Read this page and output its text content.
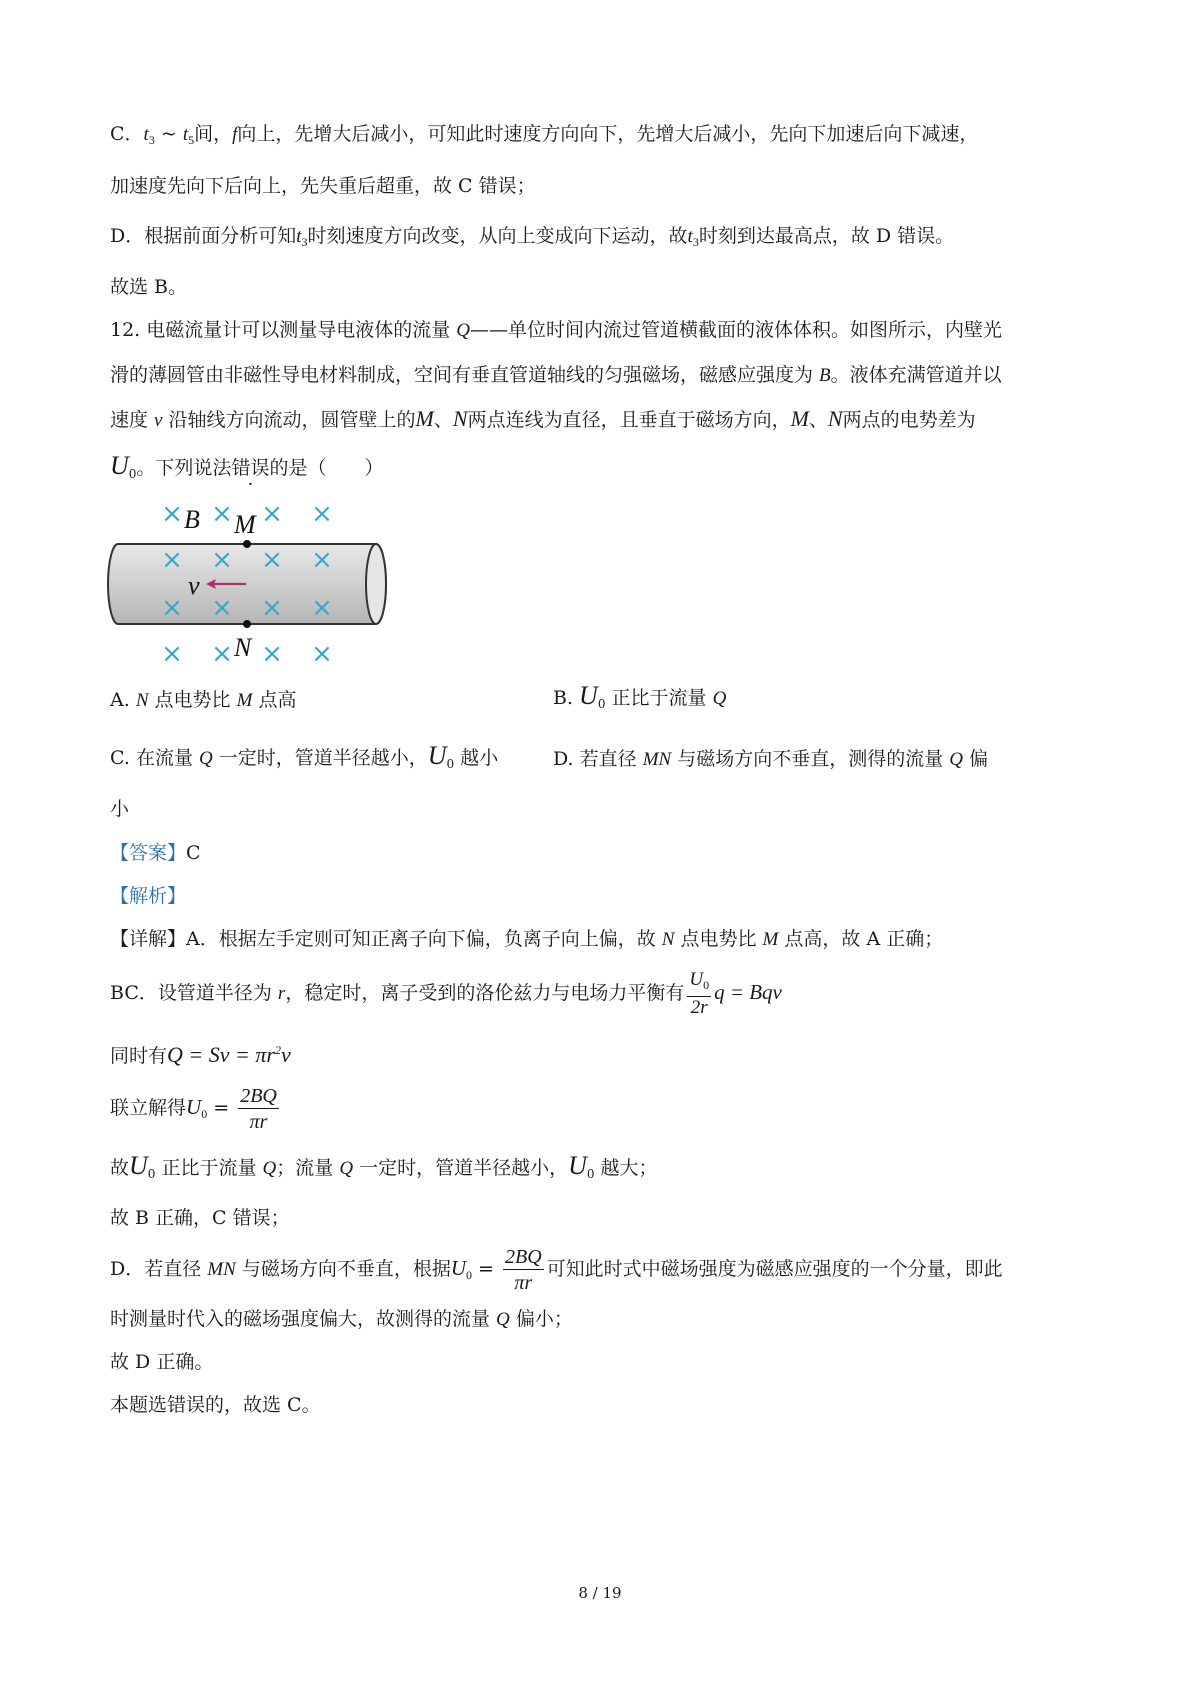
C．$t_3$ ~ $t_5$间，f向上，先增大后减小，可知此时速度方向向下，先增大后减小，先向下加速后向下减速，
加速度先向下后向上，先失重后超重，故 C 错误；
D．根据前面分析可知$t_3$时刻速度方向改变，从向上变成向下运动，故$t_3$时刻到达最高点，故 D 错误。
故选 B。
12. 电磁流量计可以测量导电液体的流量 Q——单位时间内流过管道横截面的液体体积。如图所示，内壁光
滑的薄圆管由非磁性导电材料制成，空间有垂直管道轴线的匀强磁场，磁感应强度为 B。液体充满管道并以
速度 v 沿轴线方向流动，圆管壁上的M、N两点连线为直径，且垂直于磁场方向，M、N两点的电势差为
$U_0$。下列说法错误的是（　　）
× × × ×
× × × ×
× × × ×
× × × ×
B M
N
v
A. N 点电势比 M 点高	B. $U_0$ 正比于流量 Q
C. 在流量 Q 一定时，管道半径越小，$U_0$ 越小	D. 若直径 MN 与磁场方向不垂直，测得的流量 Q 偏
小
【答案】C
【解析】
【详解】A．根据左手定则可知正离子向下偏，负离子向上偏，故 N 点电势比 M 点高，故 A 正确；
BC．设管道半径为 r，稳定时，离子受到的洛伦兹力与电场力平衡有 $\frac{U_0}{2r}$ q = Bqv
同时有$Q = Sv = \pi r^2v$
联立解得$U_0 = \frac{2BQ}{\pi r}$
故$U_0$ 正比于流量 Q；流量 Q 一定时，管道半径越小，$U_0$ 越大；
故 B 正确，C 错误；
D．若直径 MN 与磁场方向不垂直，根据$U_0 = \frac{2BQ}{\pi r}$ 可知此时式中磁场强度为磁感应强度的一个分量，即此
时测量时代入的磁场强度偏大，故测得的流量 Q 偏小；
故 D 正确。
本题选错误的，故选 C。
8 / 19
